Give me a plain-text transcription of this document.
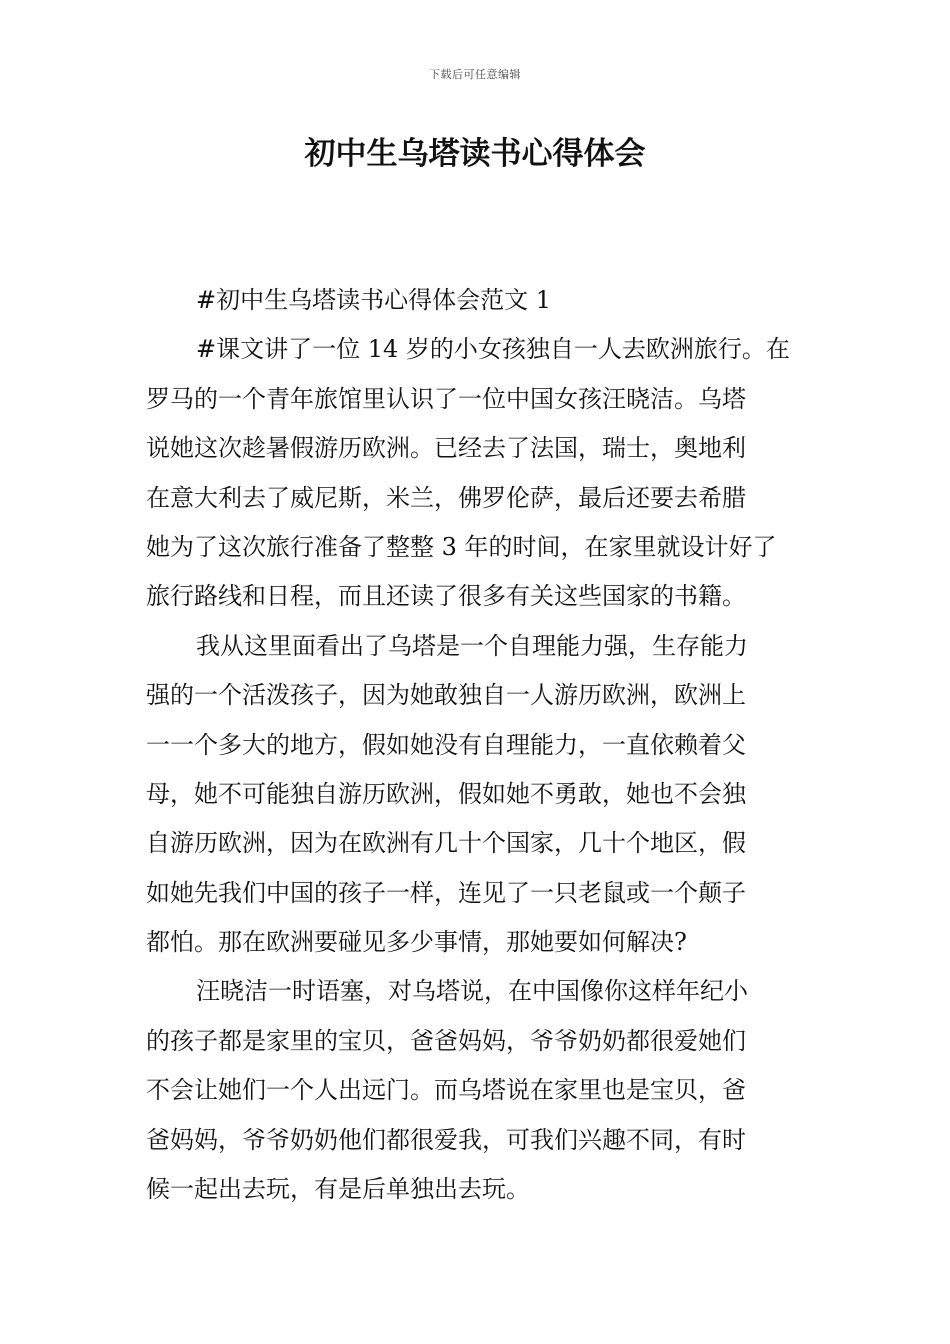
下载后可任意编辑
初中生乌塔读书心得体会
#初中生乌塔读书心得体会范文 1
#课文讲了一位 14 岁的小女孩独自一人去欧洲旅行。在
罗马的一个青年旅馆里认识了一位中国女孩汪晓洁。乌塔
说她这次趁暑假游历欧洲。已经去了法国，瑞士，奥地利
在意大利去了威尼斯，米兰，佛罗伦萨，最后还要去希腊
她为了这次旅行准备了整整 3 年的时间，在家里就设计好了
旅行路线和日程，而且还读了很多有关这些国家的书籍。
我从这里面看出了乌塔是一个自理能力强，生存能力
强的一个活泼孩子，因为她敢独自一人游历欧洲，欧洲上
一一个多大的地方，假如她没有自理能力，一直依赖着父
母，她不可能独自游历欧洲，假如她不勇敢，她也不会独
自游历欧洲，因为在欧洲有几十个国家，几十个地区，假
如她先我们中国的孩子一样，连见了一只老鼠或一个颠子
都怕。那在欧洲要碰见多少事情，那她要如何解决?
汪晓洁一时语塞，对乌塔说，在中国像你这样年纪小
的孩子都是家里的宝贝，爸爸妈妈，爷爷奶奶都很爱她们
不会让她们一个人出远门。而乌塔说在家里也是宝贝，爸
爸妈妈，爷爷奶奶他们都很爱我，可我们兴趣不同，有时
候一起出去玩，有是后单独出去玩。
